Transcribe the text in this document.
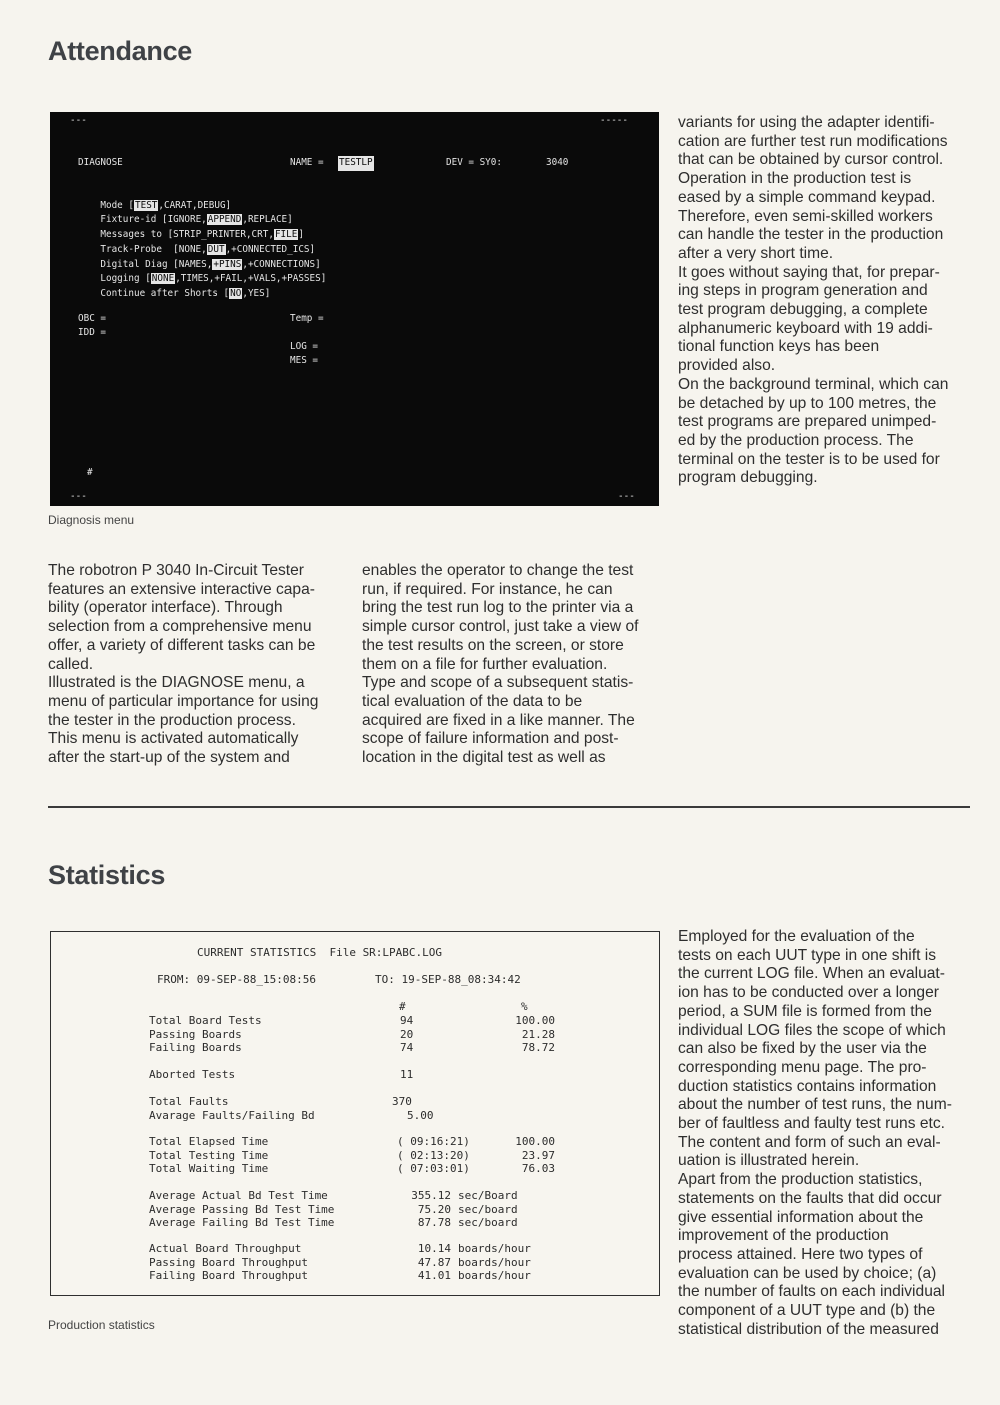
Attendance
---	-----
DIAGNOSE	NAME = TESTLP	DEV = SY0:	3040

Mode [TEST,CARAT,DEBUG]

Fixture-id [IGNORE,APPEND,REPLACE]

Messages to [STRIP_PRINTER,CRT,FILE]

Track-Probe [NONE,DUT,+CONNECTED_ICS]

Digital Diag [NAMES,+PINS,+CONNECTIONS]

Logging [NONE,TIMES,+FAIL,+VALS,+PASSES]

Continue after Shorts [NO,YES]

OBC =
IDD =
Temp =
LOG =
MES =
#
---	---
Diagnosis menu

variants for using the adapter identifi-
cation are further test run modifications
that can be obtained by cursor control.
Operation in the production test is
eased by a simple command keypad.
Therefore, even semi-skilled workers
can handle the tester in the production
after a very short time.
It goes without saying that, for prepar-
ing steps in program generation and
test program debugging, a complete
alphanumeric keyboard with 19 addi-
tional function keys has been
provided also.
On the background terminal, which can
be detached by up to 100 metres, the
test programs are prepared unimped-
ed by the production process. The
terminal on the tester is to be used for
program debugging.

The robotron P 3040 In-Circuit Tester
features an extensive interactive capa-
bility (operator interface). Through
selection from a comprehensive menu
offer, a variety of different tasks can be
called.
Illustrated is the DIAGNOSE menu, a
menu of particular importance for using
the tester in the production process.
This menu is activated automatically
after the start-up of the system and

enables the operator to change the test
run, if required. For instance, he can
bring the test run log to the printer via a
simple cursor control, just take a view of
the test results on the screen, or store
them on a file for further evaluation.
Type and scope of a subsequent statis-
tical evaluation of the data to be
acquired are fixed in a like manner. The
scope of failure information and post-
location in the digital test as well as

Statistics
CURRENT STATISTICS  File SR:LPABC.LOG
FROM: 09-SEP-88_15:08:56	TO: 19-SEP-88_08:34:42
#	%
Total Board Tests	94	100.00
Passing Boards	20	21.28
Failing Boards	74	78.72
Aborted Tests	11
Total Faults	370
Avarage Faults/Failing Bd	5.00
Total Elapsed Time	( 09:16:21)	100.00
Total Testing Time	( 02:13:20)	23.97
Total Waiting Time	( 07:03:01)	76.03
Average Actual Bd Test Time	355.12 sec/Board
Average Passing Bd Test Time	75.20 sec/board
Average Failing Bd Test Time	87.78 sec/board
Actual Board Throughput	10.14 boards/hour
Passing Board Throughput	47.87 boards/hour
Failing Board Throughput	41.01 boards/hour
Production statistics

Employed for the evaluation of the
tests on each UUT type in one shift is
the current LOG file. When an evaluat-
ion has to be conducted over a longer
period, a SUM file is formed from the
individual LOG files the scope of which
can also be fixed by the user via the
corresponding menu page. The pro-
duction statistics contains information
about the number of test runs, the num-
ber of faultless and faulty test runs etc.
The content and form of such an eval-
uation is illustrated herein.
Apart from the production statistics,
statements on the faults that did occur
give essential information about the
improvement of the production
process attained. Here two types of
evaluation can be used by choice; (a)
the number of faults on each individual
component of a UUT type and (b) the
statistical distribution of the measured
